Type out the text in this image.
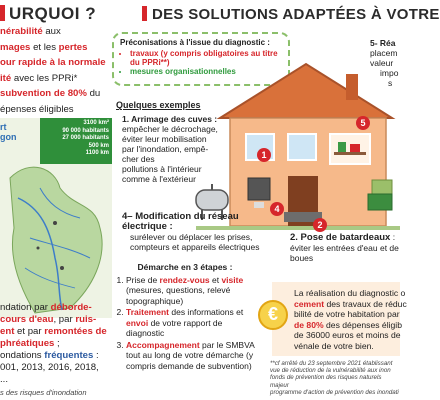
URQUOI ?
nérabilité aux
mages et les pertes
our rapide à la normale
ité avec les PPRi*
subvention de 80% du
épenses éligibles
3100 km²
90 000 habitants
27 000 habitants
500 km
1100 km
rt
gon
ndation par déborde-
cours d'eau, par ruis-
ent et par remontées de
phréatiques ;
ondations fréquentes :
001, 2013, 2016, 2018,
...
s des risques d'inondation
DES SOLUTIONS ADAPTÉES À VOTRE
Préconisations à l'issue du diagnostic :
• travaux (y compris obligatoires au titre du PPRi**)
• mesures organisationnelles
1
2
4
5
5- Réa
placem
valeur
impo
s
Quelques exemples
1. Arrimage des cuves :
empêcher le décrochage,
éviter leur mobilisation
par l'inondation, empê-
cher des
pollutions à l'intérieur
comme à l'extérieur
4– Modification du réseau électrique :
surélever ou déplacer les prises,
compteurs et appareils électriques
2. Pose de batardeaux : éviter les entrées d'eau et de boues
Démarche en 3 étapes :
1. Prise de rendez-vous et visite (mesures, questions, relevé topographique)
2. Traitement des informations et envoi de votre rapport de diagnostic
3. Accompagnement par le SMBVA tout au long de votre démarche (y compris demande de subvention)
La réalisation du diagnostic o
cement des travaux de réduc
bilité de votre habitation par
de 80% des dépenses éligib
de 36000 euros et moins de
vénale de votre bien.
€
**cf arrêté du 23 septembre 2021 établissant
vue de réduction de la vulnérabilité aux inon
fonds de prévention des risques naturels majeur
programme d'action de prévention des inondati
